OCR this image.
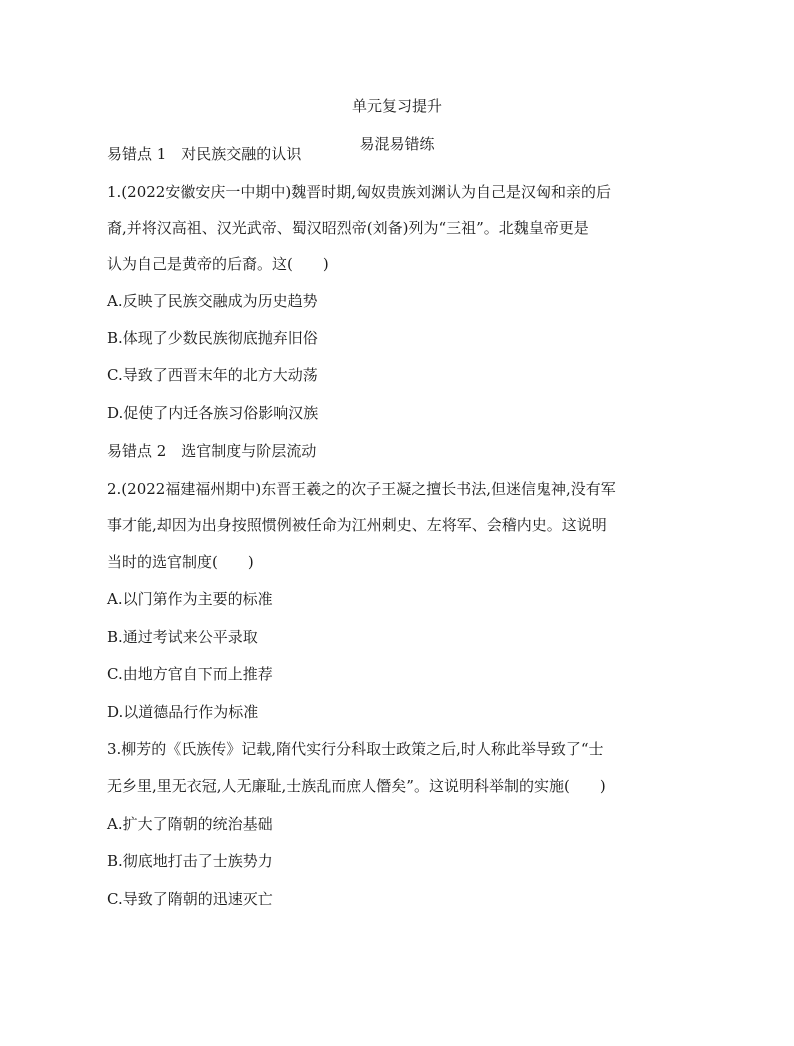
单元复习提升
易混易错练
易错点 1　对民族交融的认识
1.(2022安徽安庆一中期中)魏晋时期,匈奴贵族刘渊认为自己是汉匈和亲的后
裔,并将汉高祖、汉光武帝、蜀汉昭烈帝(刘备)列为“三祖”。北魏皇帝更是
认为自己是黄帝的后裔。这(　　)
A.反映了民族交融成为历史趋势
B.体现了少数民族彻底抛弃旧俗
C.导致了西晋末年的北方大动荡
D.促使了内迁各族习俗影响汉族
易错点 2　选官制度与阶层流动
2.(2022福建福州期中)东晋王羲之的次子王凝之擅长书法,但迷信鬼神,没有军
事才能,却因为出身按照惯例被任命为江州刺史、左将军、会稽内史。这说明
当时的选官制度(　　)
A.以门第作为主要的标准
B.通过考试来公平录取
C.由地方官自下而上推荐
D.以道德品行作为标准
3.柳芳的《氏族传》记载,隋代实行分科取士政策之后,时人称此举导致了“士
无乡里,里无衣冠,人无廉耻,士族乱而庶人僭矣”。这说明科举制的实施(　　)
A.扩大了隋朝的统治基础
B.彻底地打击了士族势力
C.导致了隋朝的迅速灭亡
